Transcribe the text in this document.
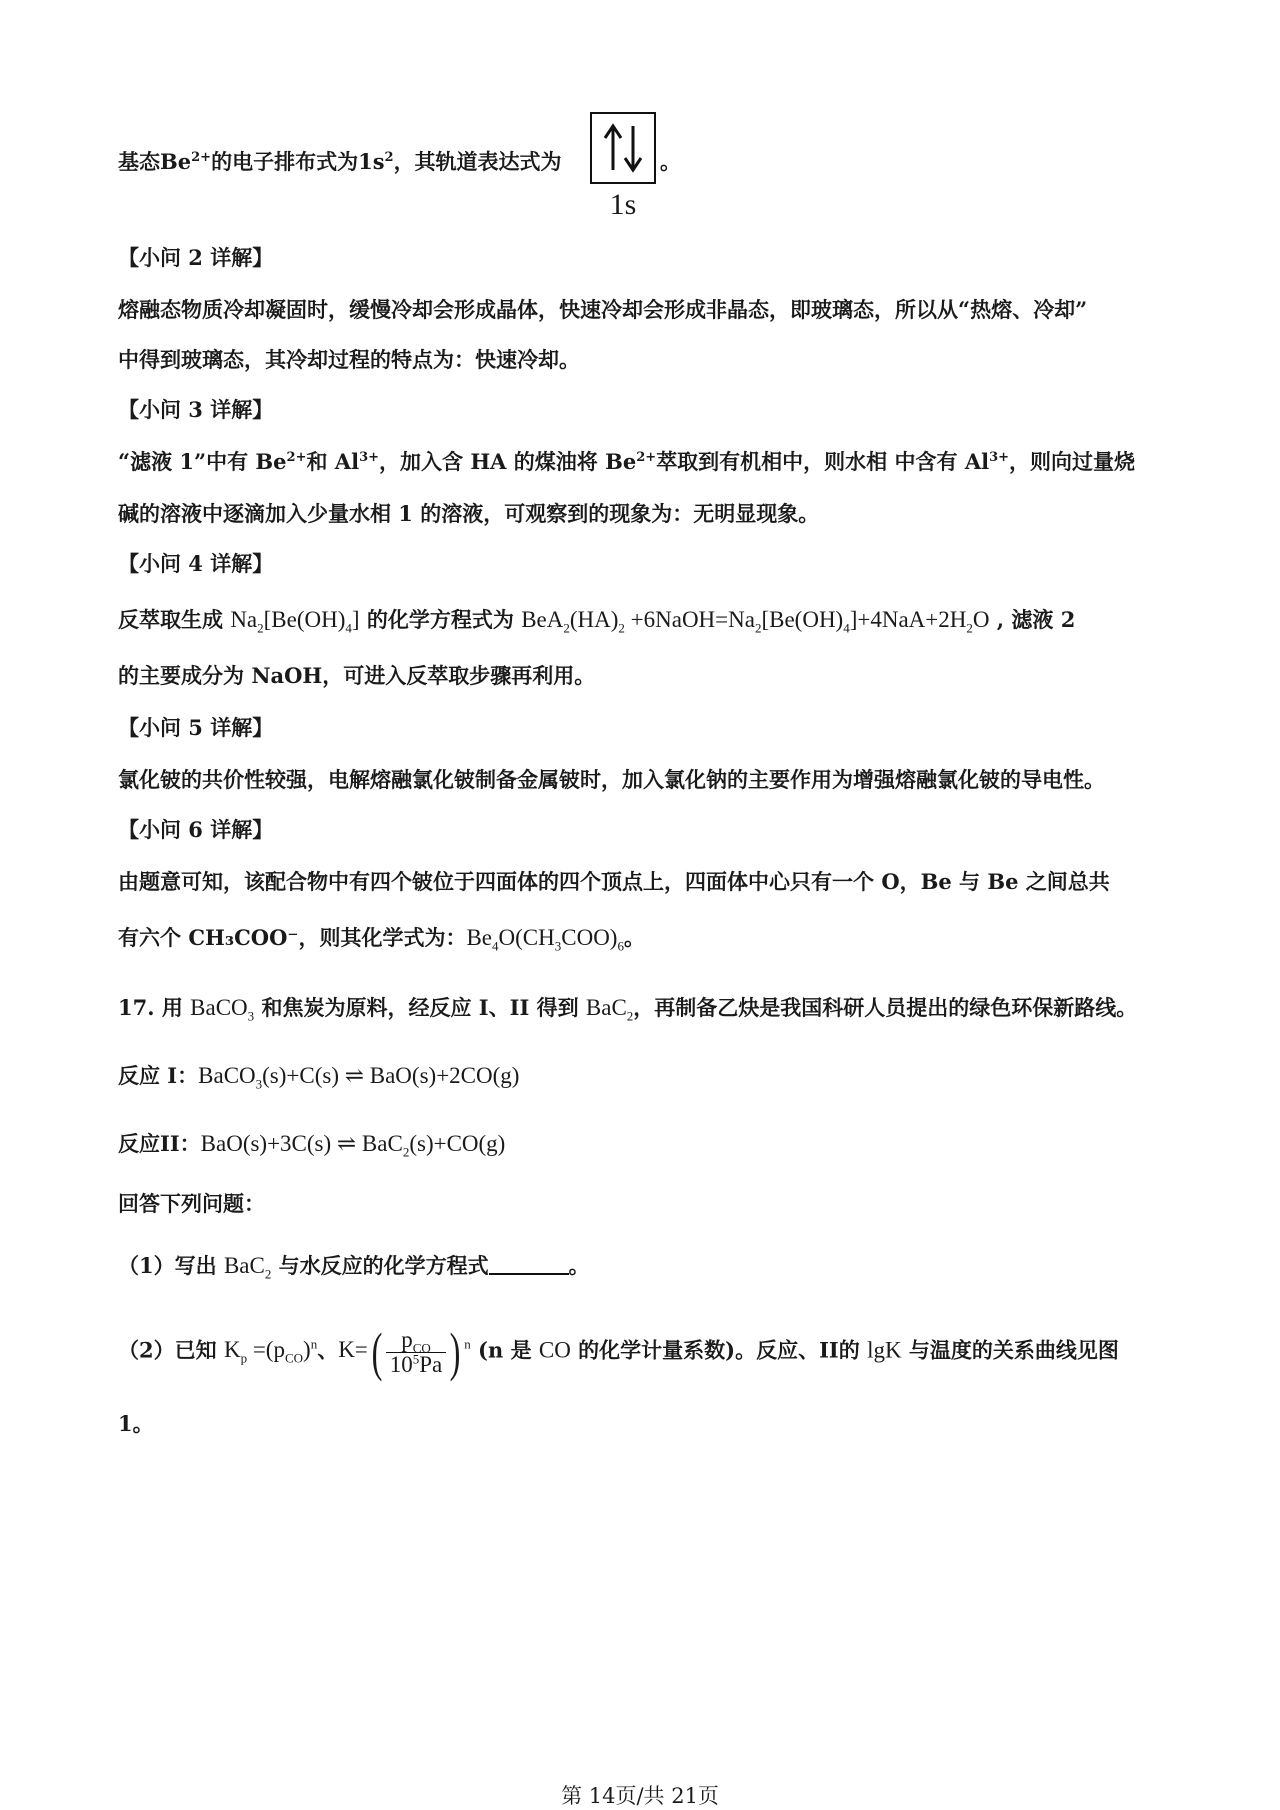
基态$Be^{2+}$的电子排布式为$1s^2$，其轨道表达式为
1s
。
【小问 2 详解】
熔融态物质冷却凝固时，缓慢冷却会形成晶体，快速冷却会形成非晶态，即玻璃态，所以从“热熔、冷却”
中得到玻璃态，其冷却过程的特点为：快速冷却。
【小问 3 详解】
“滤液 1”中有 $Be^{2+}$和 $Al^{3+}$，加入含 HA 的煤油将 $Be^{2+}$萃取到有机相中，则水相 中含有 $Al^{3+}$，则向过量烧
碱的溶液中逐滴加入少量水相 1 的溶液，可观察到的现象为：无明显现象。
【小问 4 详解】
反萃取生成 $Na_2[Be(OH)_4]$ 的化学方程式为 $BeA_2(HA)_2$ $+6NaOH=Na_2[Be(OH)_4]+4NaA+2H_2O$ , 滤液 2
的主要成分为 NaOH，可进入反萃取步骤再利用。
【小问 5 详解】
氯化铍的共价性较强，电解熔融氯化铍制备金属铍时，加入氯化钠的主要作用为增强熔融氯化铍的导电性。
【小问 6 详解】
由题意可知，该配合物中有四个铍位于四面体的四个顶点上，四面体中心只有一个 O，Be 与 Be 之间总共
有六个 CH₃COO⁻，则其化学式为：$Be_4O(CH_3COO)_6$。
17. 用 BaCO$_3$ 和焦炭为原料，经反应 I、II 得到 BaC$_2$，再制备乙炔是我国科研人员提出的绿色环保新路线。
反应 I：BaCO$_3$(s)+C(s) ⇌ BaO(s)+2CO(g)
反应II：BaO(s)+3C(s) ⇌ BaC$_2$(s)+CO(g)
回答下列问题：
（1）写出 BaC$_2$ 与水反应的化学方程式	。
（2）已知 $K_p =(p_{CO})^n$、$K=( \frac{p_{CO}}{10^5Pa}$ ) $^n$ (n 是 CO 的化学计量系数)。反应、II的 lgK 与温度的关系曲线见图
1。
第 14页/共 21页
